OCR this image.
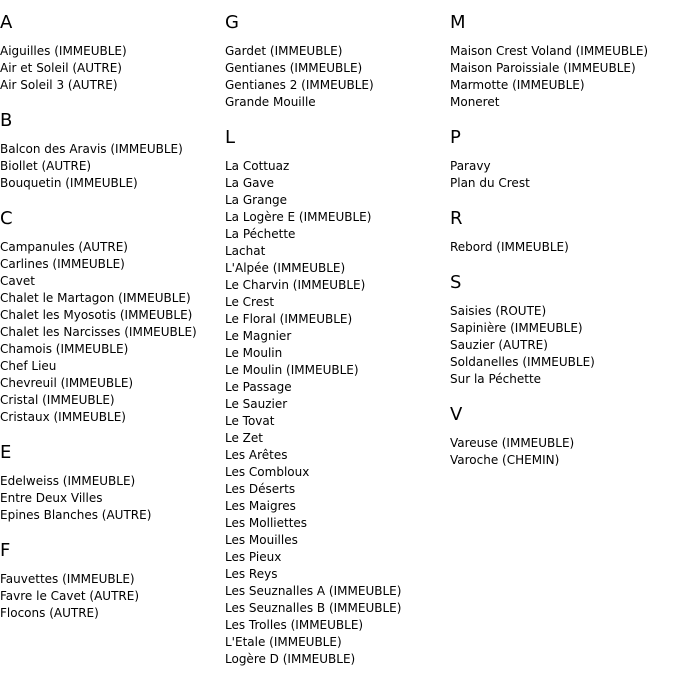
A
Aiguilles (IMMEUBLE)
Air et Soleil (AUTRE)
Air Soleil 3 (AUTRE)
B
Balcon des Aravis (IMMEUBLE)
Biollet (AUTRE)
Bouquetin (IMMEUBLE)
C
Campanules (AUTRE)
Carlines (IMMEUBLE)
Cavet
Chalet le Martagon (IMMEUBLE)
Chalet les Myosotis (IMMEUBLE)
Chalet les Narcisses (IMMEUBLE)
Chamois (IMMEUBLE)
Chef Lieu
Chevreuil (IMMEUBLE)
Cristal (IMMEUBLE)
Cristaux (IMMEUBLE)
E
Edelweiss (IMMEUBLE)
Entre Deux Villes
Epines Blanches (AUTRE)
F
Fauvettes (IMMEUBLE)
Favre le Cavet (AUTRE)
Flocons (AUTRE)
G
Gardet (IMMEUBLE)
Gentianes (IMMEUBLE)
Gentianes 2 (IMMEUBLE)
Grande Mouille
L
La Cottuaz
La Gave
La Grange
La Logère E (IMMEUBLE)
La Péchette
Lachat
L'Alpée (IMMEUBLE)
Le Charvin (IMMEUBLE)
Le Crest
Le Floral (IMMEUBLE)
Le Magnier
Le Moulin
Le Moulin (IMMEUBLE)
Le Passage
Le Sauzier
Le Tovat
Le Zet
Les Arêtes
Les Combloux
Les Déserts
Les Maigres
Les Molliettes
Les Mouilles
Les Pieux
Les Reys
Les Seuznalles A (IMMEUBLE)
Les Seuznalles B (IMMEUBLE)
Les Trolles (IMMEUBLE)
L'Etale (IMMEUBLE)
Logère D (IMMEUBLE)
M
Maison Crest Voland (IMMEUBLE)
Maison Paroissiale (IMMEUBLE)
Marmotte (IMMEUBLE)
Moneret
P
Paravy
Plan du Crest
R
Rebord (IMMEUBLE)
S
Saisies (ROUTE)
Sapinière (IMMEUBLE)
Sauzier (AUTRE)
Soldanelles (IMMEUBLE)
Sur la Péchette
V
Vareuse (IMMEUBLE)
Varoche (CHEMIN)
